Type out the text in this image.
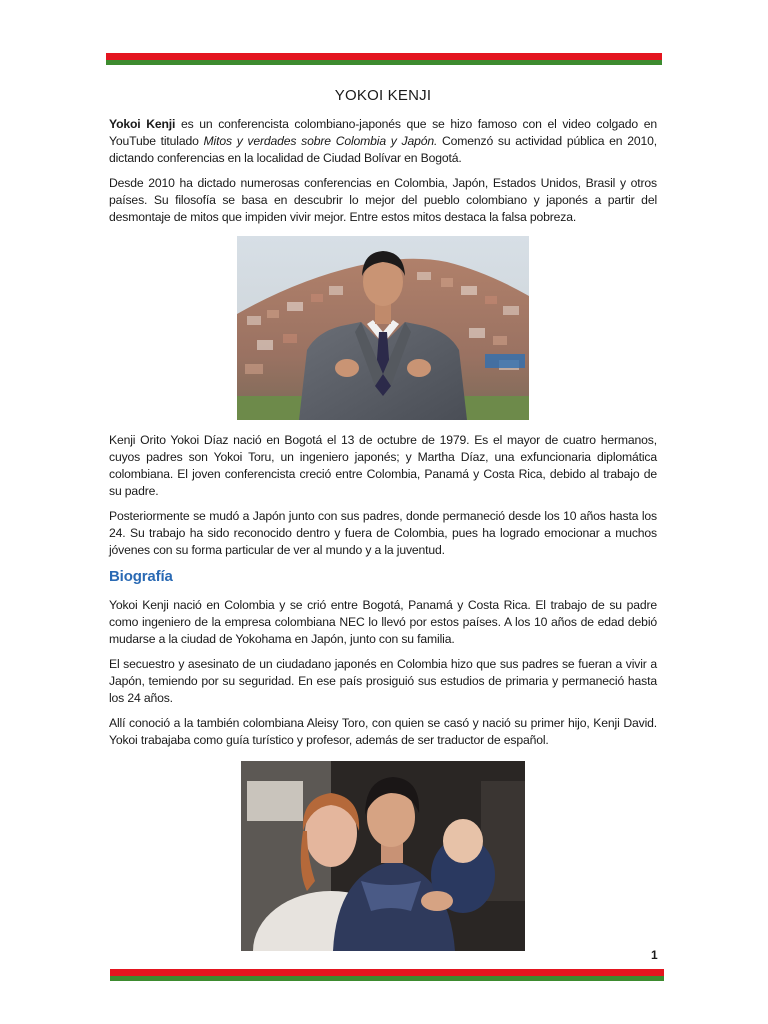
YOKOI KENJI

Yokoi Kenji es un conferencista colombiano-japonés que se hizo famoso con el video colgado en YouTube titulado Mitos y verdades sobre Colombia y Japón. Comenzó su actividad pública en 2010, dictando conferencias en la localidad de Ciudad Bolívar en Bogotá.

Desde 2010 ha dictado numerosas conferencias en Colombia, Japón, Estados Unidos, Brasil y otros países. Su filosofía se basa en descubrir lo mejor del pueblo colombiano y japonés a partir del desmontaje de mitos que impiden vivir mejor. Entre estos mitos destaca la falsa pobreza.

Kenji Orito Yokoi Díaz nació en Bogotá el 13 de octubre de 1979. Es el mayor de cuatro hermanos, cuyos padres son Yokoi Toru, un ingeniero japonés; y Martha Díaz, una exfuncionaria diplomática colombiana. El joven conferencista creció entre Colombia, Panamá y Costa Rica, debido al trabajo de su padre.

Posteriormente se mudó a Japón junto con sus padres, donde permaneció desde los 10 años hasta los 24. Su trabajo ha sido reconocido dentro y fuera de Colombia, pues ha logrado emocionar a muchos jóvenes con su forma particular de ver al mundo y a la juventud.

Biografía

Yokoi Kenji nació en Colombia y se crió entre Bogotá, Panamá y Costa Rica. El trabajo de su padre como ingeniero de la empresa colombiana NEC lo llevó por estos países. A los 10 años de edad debió mudarse a la ciudad de Yokohama en Japón, junto con su familia.

El secuestro y asesinato de un ciudadano japonés en Colombia hizo que sus padres se fueran a vivir a Japón, temiendo por su seguridad. En ese país prosiguió sus estudios de primaria y permaneció hasta los 24 años.

Allí conoció a la también colombiana Aleisy Toro, con quien se casó y nació su primer hijo, Kenji David. Yokoi trabajaba como guía turístico y profesor, además de ser traductor de español.

1
